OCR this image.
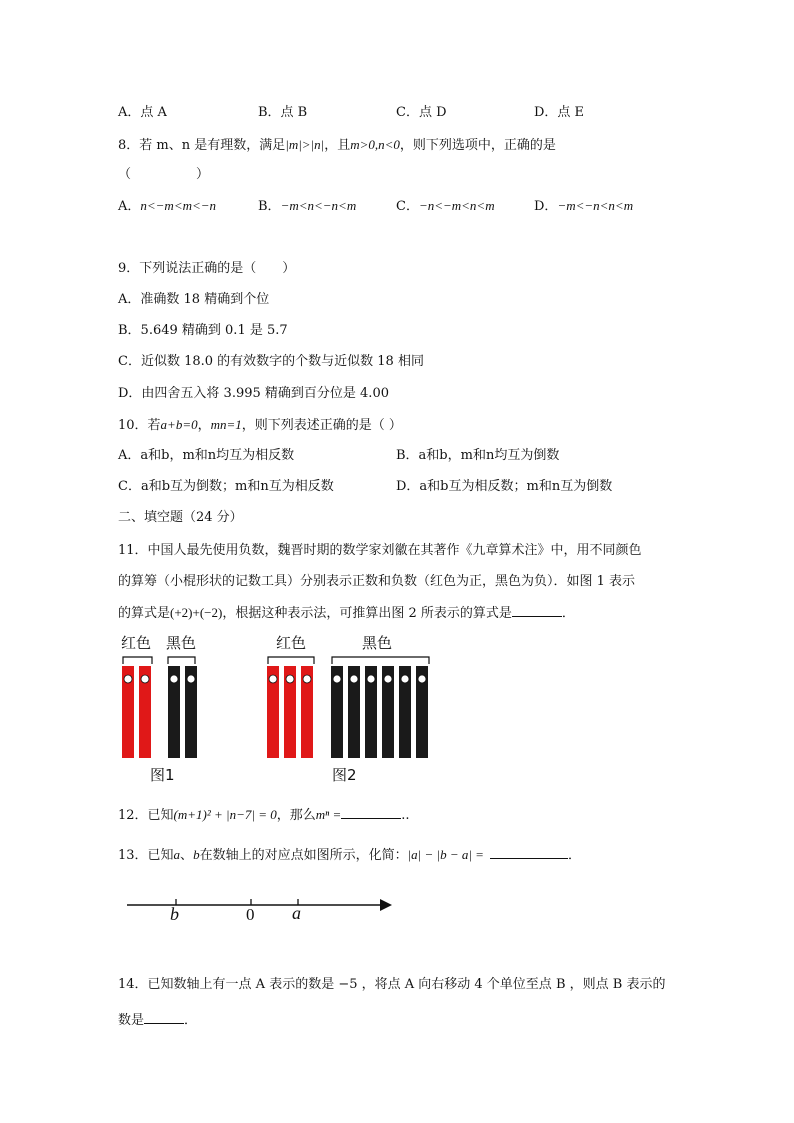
A．点 A	B．点 B	C．点 D	D．点 E
8．若 m、n 是有理数，满足|m|>|n|，且m>0,n<0，则下列选项中，正确的是
（　　　　　）
A．n<−m<m<−n	B．−m<n<−n<m	C．−n<−m<n<m	D．−m<−n<n<m
9．下列说法正确的是（　　）
A．准确数 18 精确到个位
B．5.649 精确到 0.1 是 5.7
C．近似数 18.0 的有效数字的个数与近似数 18 相同
D．由四舍五入将 3.995 精确到百分位是 4.00
10．若a+b=0，mn=1，则下列表述正确的是（ ）
A．a和b，m和n均互为相反数	B．a和b，m和n均互为倒数
C．a和b互为倒数；m和n互为相反数	D．a和b互为相反数；m和n互为倒数
二、填空题（24 分）
11．中国人最先使用负数，魏晋时期的数学家刘徽在其著作《九章算术注》中，用不同颜色
的算筹（小棍形状的记数工具）分别表示正数和负数（红色为正，黑色为负）．如图 1 表示
的算式是(+2)+(−2)，根据这种表示法，可推算出图 2 所表示的算式是	．
红色 黑色
图1
红色	黑色
图2
12．已知(m+1)² + |n−7| = 0，那么mⁿ =	..
13．已知a、b在数轴上的对应点如图所示，化简：|a| − |b − a| =	．
b	0 a
14．已知数轴上有一点 A 表示的数是 −5 ，将点 A 向右移动 4 个单位至点 B ，则点 B 表示的
数是	．
